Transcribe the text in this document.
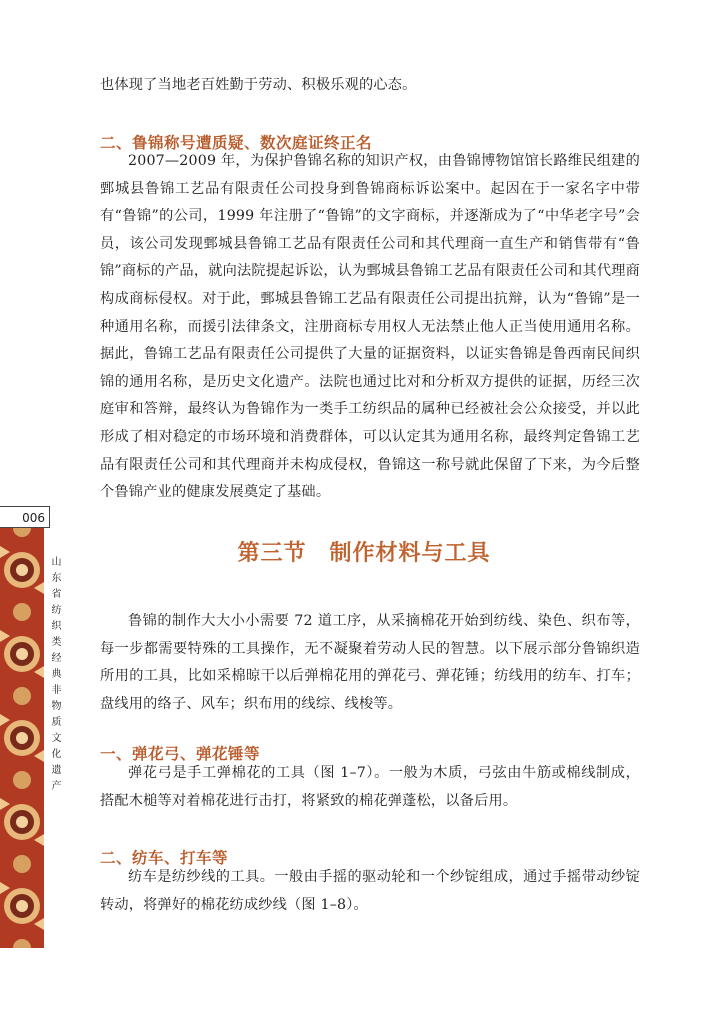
也体现了当地老百姓勤于劳动、积极乐观的心态。

二、鲁锦称号遭质疑、数次庭证终正名

2007—2009 年，为保护鲁锦名称的知识产权，由鲁锦博物馆馆长路维民组建的鄄城县鲁锦工艺品有限责任公司投身到鲁锦商标诉讼案中。起因在于一家名字中带有“鲁锦”的公司，1999 年注册了“鲁锦”的文字商标，并逐渐成为了“中华老字号”会员，该公司发现鄄城县鲁锦工艺品有限责任公司和其代理商一直生产和销售带有“鲁锦”商标的产品，就向法院提起诉讼，认为鄄城县鲁锦工艺品有限责任公司和其代理商构成商标侵权。对于此，鄄城县鲁锦工艺品有限责任公司提出抗辩，认为“鲁锦”是一种通用名称，而援引法律条文，注册商标专用权人无法禁止他人正当使用通用名称。据此，鲁锦工艺品有限责任公司提供了大量的证据资料，以证实鲁锦是鲁西南民间织锦的通用名称，是历史文化遗产。法院也通过比对和分析双方提供的证据，历经三次庭审和答辩，最终认为鲁锦作为一类手工纺织品的属种已经被社会公众接受，并以此形成了相对稳定的市场环境和消费群体，可以认定其为通用名称，最终判定鲁锦工艺品有限责任公司和其代理商并未构成侵权，鲁锦这一称号就此保留了下来，为今后整个鲁锦产业的健康发展奠定了基础。

006
山东省纺织类经典非物质文化遗产
第三节　制作材料与工具

鲁锦的制作大大小小需要 72 道工序，从采摘棉花开始到纺线、染色、织布等，每一步都需要特殊的工具操作，无不凝聚着劳动人民的智慧。以下展示部分鲁锦织造所用的工具，比如采棉晾干以后弹棉花用的弹花弓、弹花锤；纺线用的纺车、打车；盘线用的络子、风车；织布用的线综、线梭等。

一、弹花弓、弹花锤等

弹花弓是手工弹棉花的工具（图 1–7）。一般为木质，弓弦由牛筋或棉线制成，搭配木槌等对着棉花进行击打，将紧致的棉花弹蓬松，以备后用。

二、纺车、打车等

纺车是纺纱线的工具。一般由手摇的驱动轮和一个纱锭组成，通过手摇带动纱锭转动，将弹好的棉花纺成纱线（图 1–8）。
